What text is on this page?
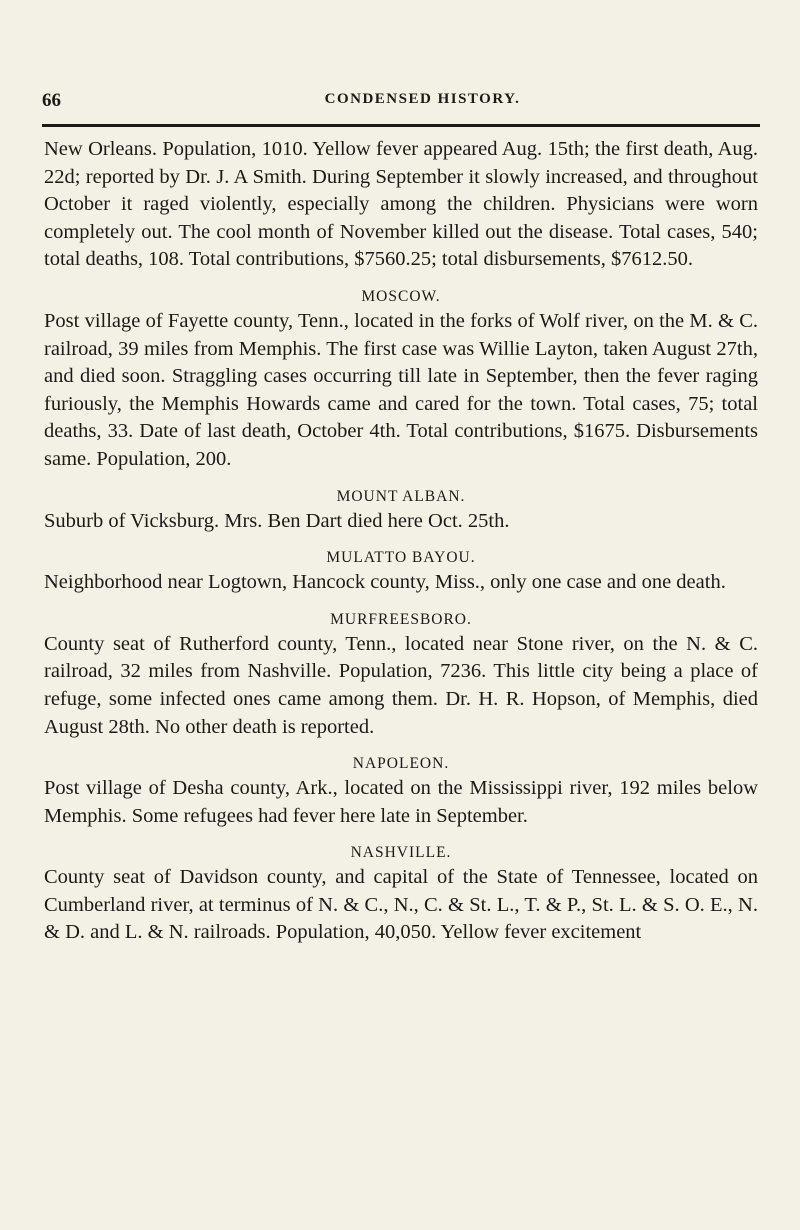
66	CONDENSED HISTORY.

New Orleans. Population, 1010. Yellow fever appeared Aug. 15th; the first death, Aug. 22d; reported by Dr. J. A Smith. During September it slowly increased, and throughout October it raged violently, especially among the children. Physicians were worn completely out. The cool month of November killed out the disease. Total cases, 540; total deaths, 108. Total contributions, $7560.25; total disbursements, $7612.50.

MOSCOW.

Post village of Fayette county, Tenn., located in the forks of Wolf river, on the M. & C. railroad, 39 miles from Memphis. The first case was Willie Layton, taken August 27th, and died soon. Straggling cases occurring till late in September, then the fever raging furiously, the Memphis Howards came and cared for the town. Total cases, 75; total deaths, 33. Date of last death, October 4th. Total contributions, $1675. Disbursements same. Population, 200.

MOUNT ALBAN.

Suburb of Vicksburg. Mrs. Ben Dart died here Oct. 25th.

MULATTO BAYOU.

Neighborhood near Logtown, Hancock county, Miss., only one case and one death.

MURFREESBORO.

County seat of Rutherford county, Tenn., located near Stone river, on the N. & C. railroad, 32 miles from Nashville. Population, 7236. This little city being a place of refuge, some infected ones came among them. Dr. H. R. Hopson, of Memphis, died August 28th. No other death is reported.

NAPOLEON.

Post village of Desha county, Ark., located on the Mississippi river, 192 miles below Memphis. Some refugees had fever here late in September.

NASHVILLE.

County seat of Davidson county, and capital of the State of Tennessee, located on Cumberland river, at terminus of N. & C., N., C. & St. L., T. & P., St. L. & S. O. E., N. & D. and L. & N. railroads. Population, 40,050. Yellow fever excitement
